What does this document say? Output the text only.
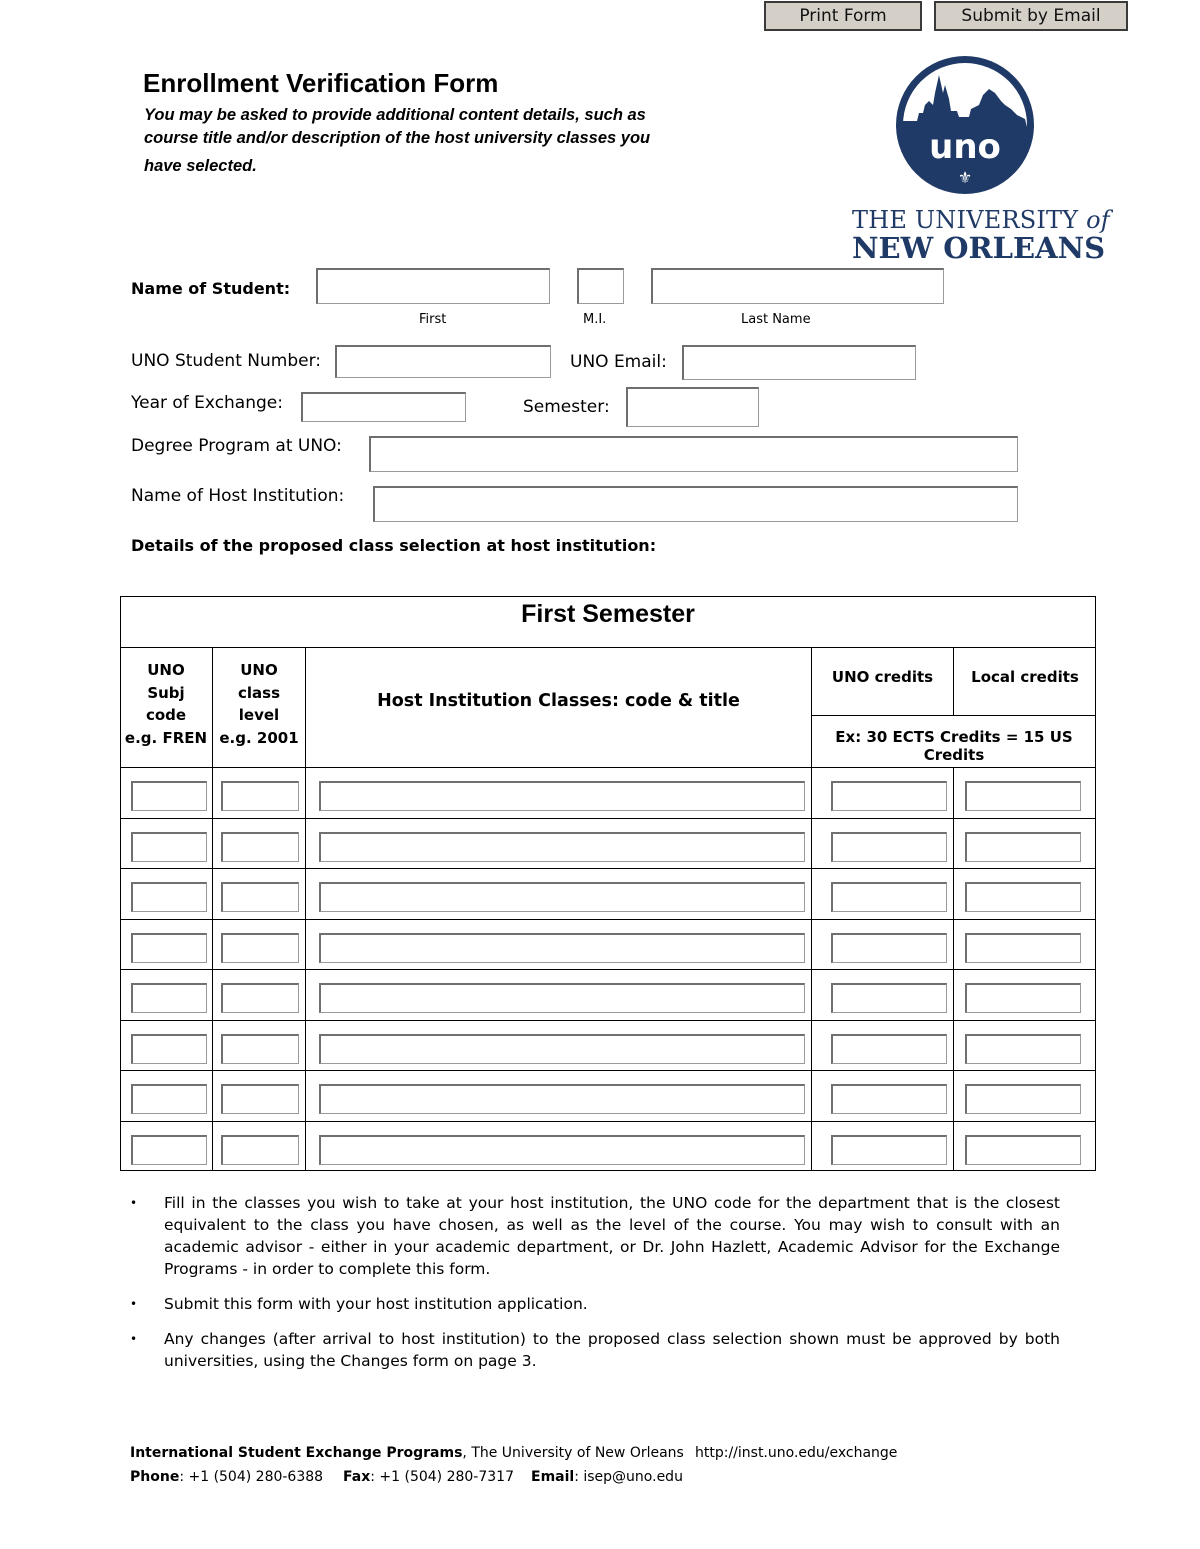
Print Form	Submit by Email
Enrollment Verification Form
You may be asked to provide additional content details, such as
course title and/or description of the host university classes you
have selected.	uno
⚜
THE UNIVERSITY of
NEW ORLEANS
Name of Student:
First	M.I.	Last Name
UNO Student Number:	UNO Email:
Year of Exchange:	Semester:
Degree Program at UNO:
Name of Host Institution:
Details of the proposed class selection at host institution:
First Semester
UNO
Subj
code
e.g. FREN
UNO
class
level
e.g. 2001
Host Institution Classes: code & title
UNO credits	Local credits
Ex: 30 ECTS Credits = 15 US Credits
• Fill in the classes you wish to take at your host institution, the UNO code for the department that is the closest equivalent to the class you have chosen, as well as the level of the course. You may wish to consult with an academic advisor - either in your academic department, or Dr. John Hazlett, Academic Advisor for the Exchange Programs - in order to complete this form.
• Submit this form with your host institution application.
• Any changes (after arrival to host institution) to the proposed class selection shown must be approved by both universities, using the Changes form on page 3.
International Student Exchange Programs, The University of New Orleans http://inst.uno.edu/exchange
Phone: +1 (504) 280-6388 Fax: +1 (504) 280-7317 Email: isep@uno.edu
